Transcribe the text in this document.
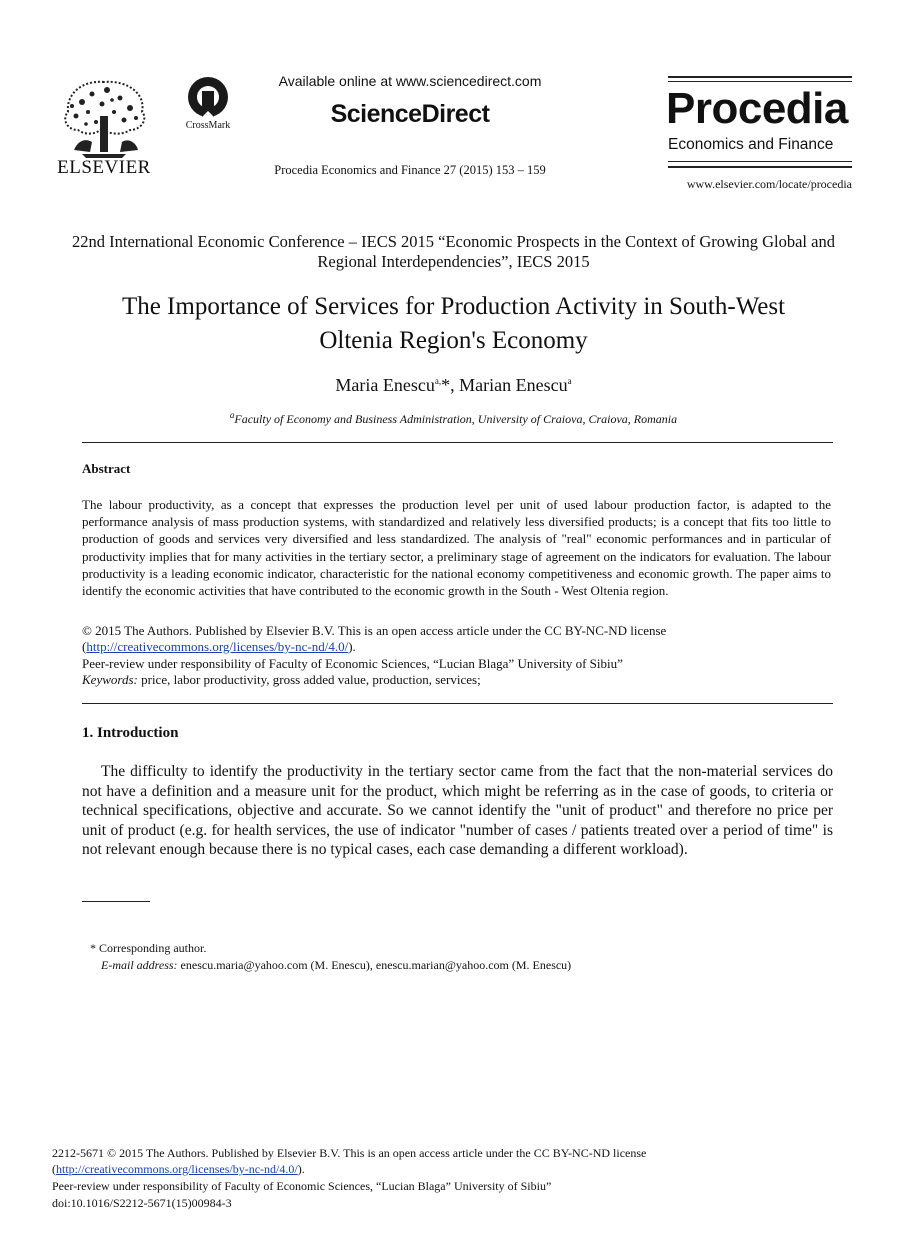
ELSEVIER
CrossMark
Available online at www.sciencedirect.com
ScienceDirect
Procedia Economics and Finance 27 (2015) 153 – 159
Procedia
Economics and Finance
www.elsevier.com/locate/procedia
22nd International Economic Conference – IECS 2015 “Economic Prospects in the Context of Growing Global and Regional Interdependencies”, IECS 2015
The Importance of Services for Production Activity in South-West
Oltenia Region's Economy
Maria Enescu$^{a,}$*, Marian Enescu$^a$
$^a$Faculty of Economy and Business Administration, University of Craiova, Craiova, Romania
Abstract
The labour productivity, as a concept that expresses the production level per unit of used labour production factor, is adapted to the performance analysis of mass production systems, with standardized and relatively less diversified products; is a concept that fits too little to production of goods and services very diversified and less standardized. The analysis of "real" economic performances and in particular of productivity implies that for many activities in the tertiary sector, a preliminary stage of agreement on the indicators for evaluation. The labour productivity is a leading economic indicator, characteristic for the national economy competitiveness and economic growth. The paper aims to identify the economic activities that have contributed to the economic growth in the South - West Oltenia region.
© 2015 The Authors. Published by Elsevier B.V. This is an open access article under the CC BY-NC-ND license
(http://creativecommons.org/licenses/by-nc-nd/4.0/).
Peer-review under responsibility of Faculty of Economic Sciences, “Lucian Blaga” University of Sibiu”
Keywords: price, labor productivity, gross added value, production, services;
1. Introduction
The difficulty to identify the productivity in the tertiary sector came from the fact that the non-material services do not have a definition and a measure unit for the product, which might be referring as in the case of goods, to criteria or technical specifications, objective and accurate. So we cannot identify the "unit of product" and therefore no price per unit of product (e.g. for health services, the use of indicator "number of cases / patients treated over a period of time" is not relevant enough because there is no typical cases, each case demanding a different workload).
* Corresponding author.
E-mail address: enescu.maria@yahoo.com (M. Enescu), enescu.marian@yahoo.com (M. Enescu)
2212-5671 © 2015 The Authors. Published by Elsevier B.V. This is an open access article under the CC BY-NC-ND license
(http://creativecommons.org/licenses/by-nc-nd/4.0/).
Peer-review under responsibility of Faculty of Economic Sciences, “Lucian Blaga” University of Sibiu”
doi:10.1016/S2212-5671(15)00984-3
